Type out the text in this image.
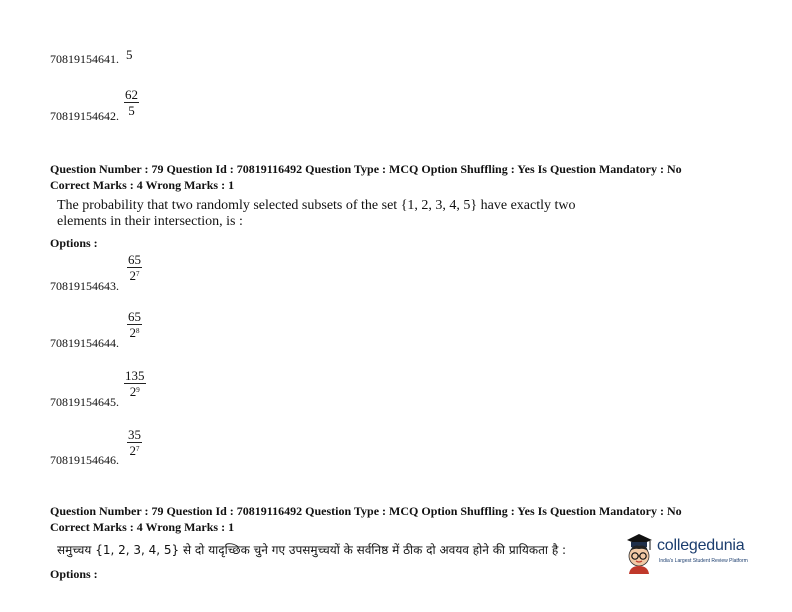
70819154641. 5
70819154642. $\frac{62}{5}$
Question Number : 79 Question Id : 70819116492 Question Type : MCQ Option Shuffling : Yes Is Question Mandatory : No
Correct Marks : 4 Wrong Marks : 1
The probability that two randomly selected subsets of the set {1, 2, 3, 4, 5} have exactly two
elements in their intersection, is :
Options :
70819154643.
$\frac{65}{2^7}$
70819154644.
$\frac{65}{2^8}$
70819154645.
$\frac{135}{2^9}$
70819154646.
$\frac{35}{2^7}$
Question Number : 79 Question Id : 70819116492 Question Type : MCQ Option Shuffling : Yes Is Question Mandatory : No
Correct Marks : 4 Wrong Marks : 1
समुच्चय {1, 2, 3, 4, 5} से दो यादृच्छिक चुने गए उपसमुच्चयों के सर्वनिष्ठ में ठीक दो अवयव होने की प्रायिकता है :
Options :
collegedunia
India's Largest Student Review Platform
